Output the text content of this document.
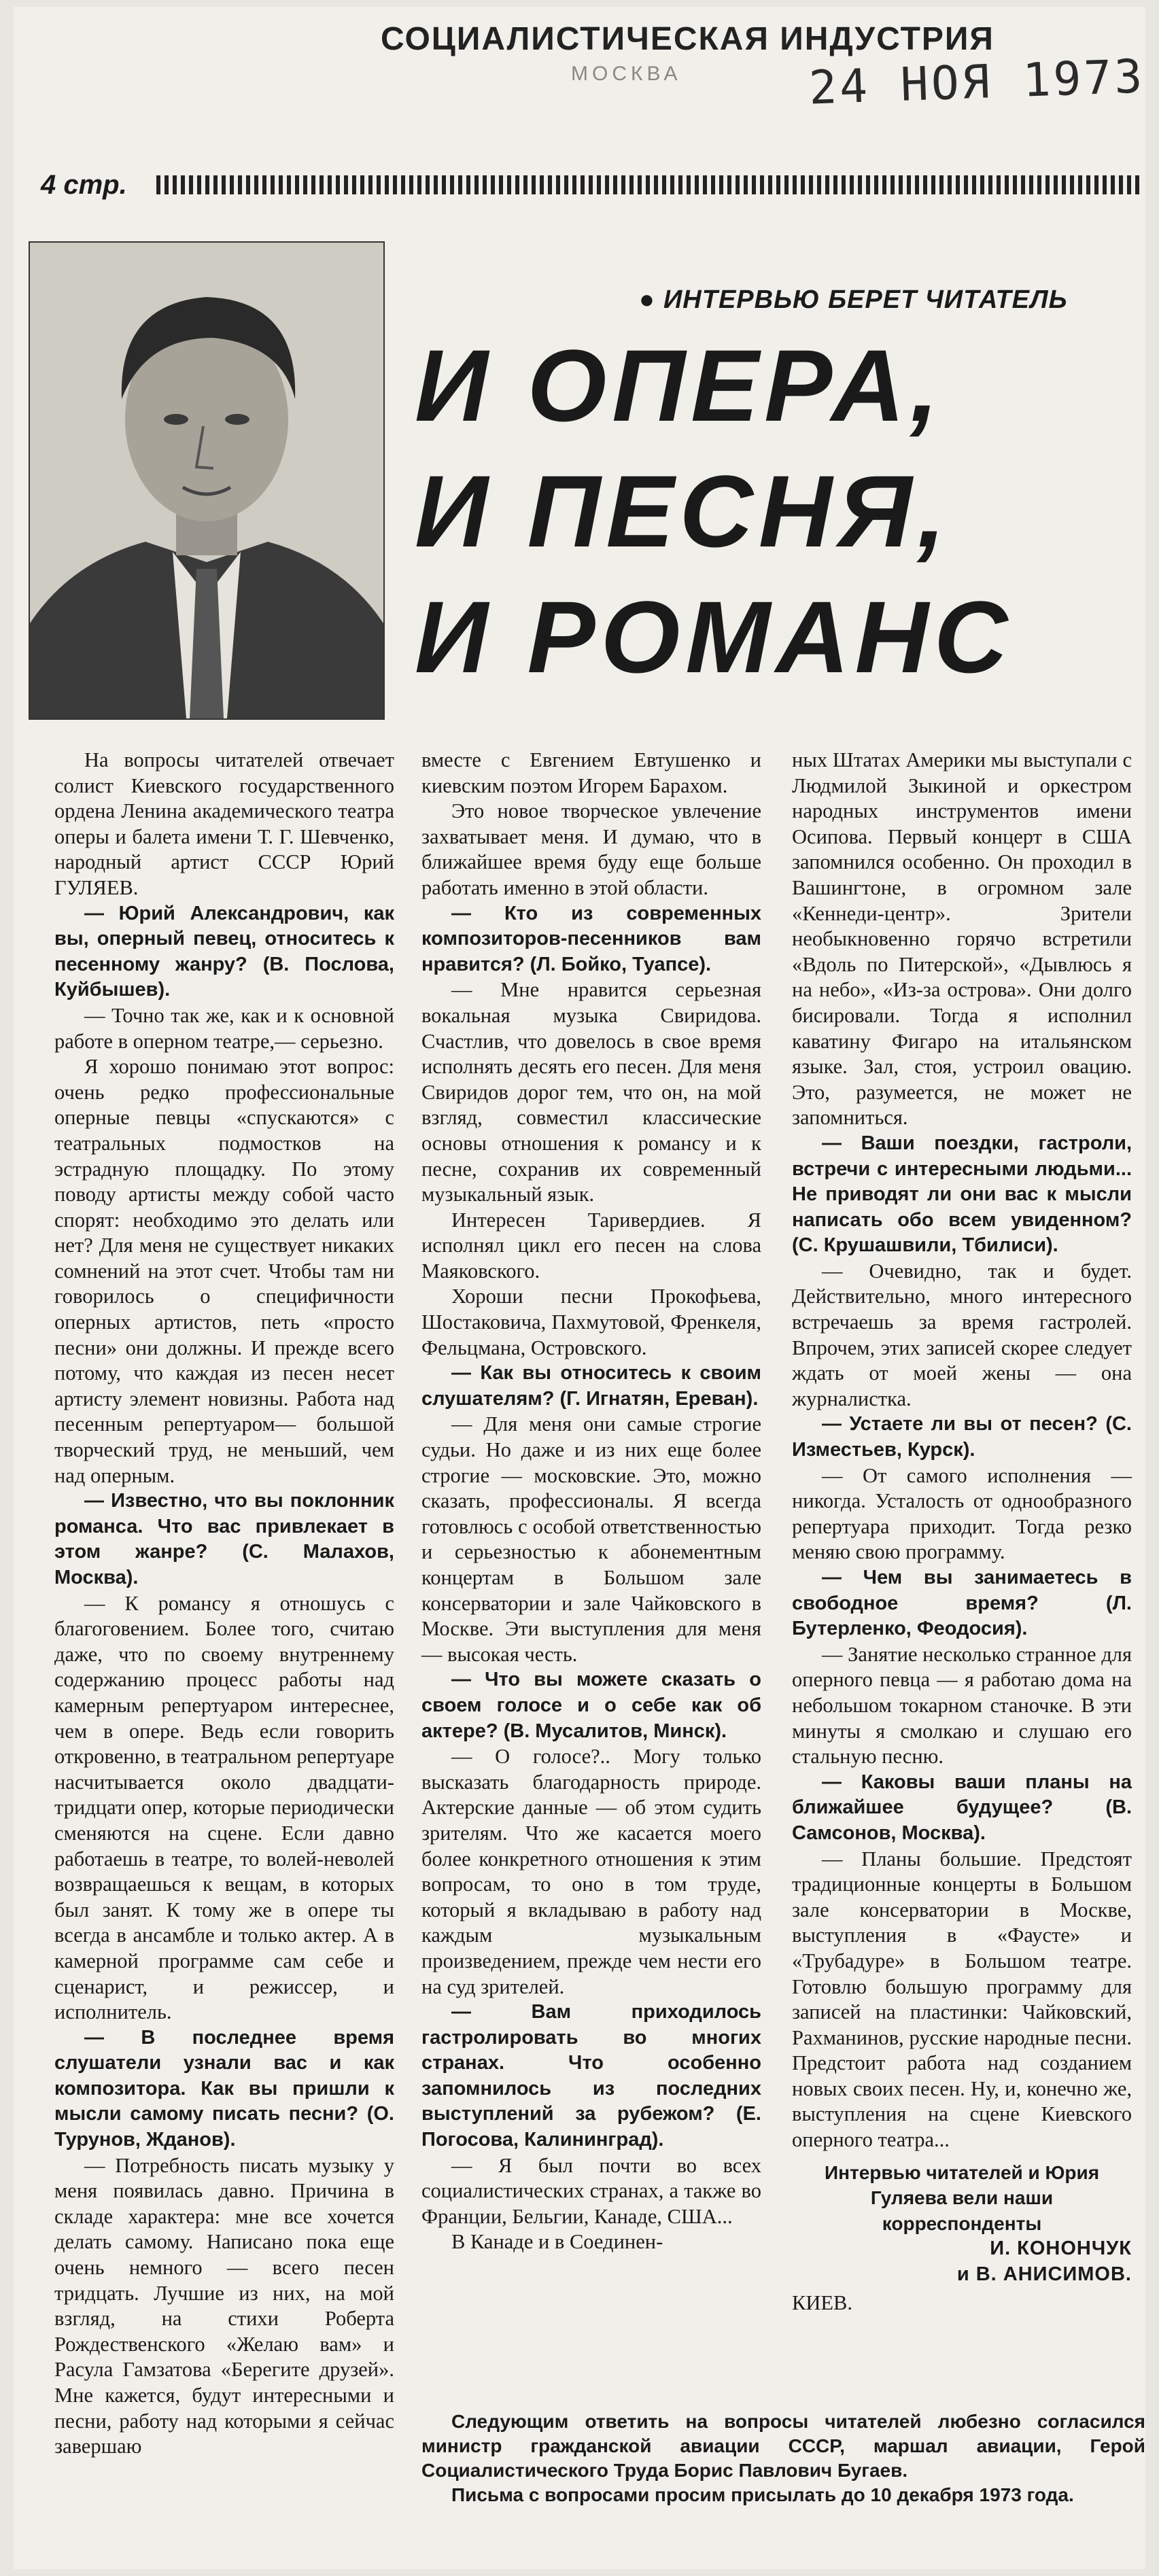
СОЦИАЛИСТИЧЕСКАЯ ИНДУСТРИЯ
МОСКВА	24 НОЯ 1973
4 стр.
● ИНТЕРВЬЮ БЕРЕТ ЧИТАТЕЛЬ
И ОПЕРА,
И ПЕСНЯ,
И РОМАНС

На вопросы читателей отвечает солист Киевского государственного ордена Ленина академического театра оперы и балета имени Т. Г. Шевченко, народный артист СССР Юрий ГУЛЯЕВ.

— Юрий Александрович, как вы, оперный певец, относитесь к песенному жанру? (В. Послова, Куйбышев).

— Точно так же, как и к основной работе в оперном театре,— серьезно.

Я хорошо понимаю этот вопрос: очень редко профессиональные оперные певцы «спускаются» с театральных подмостков на эстрадную площадку. По этому поводу артисты между собой часто спорят: необходимо это делать или нет? Для меня не существует никаких сомнений на этот счет. Чтобы там ни говорилось о специфичности оперных артистов, петь «просто песни» они должны. И прежде всего потому, что каждая из песен несет артисту элемент новизны. Работа над песенным репертуаром— большой творческий труд, не меньший, чем над оперным.

— Известно, что вы поклонник романса. Что вас привлекает в этом жанре? (С. Малахов, Москва).

— К романсу я отношусь с благоговением. Более того, считаю даже, что по своему внутреннему содержанию процесс работы над камерным репертуаром интереснее, чем в опере. Ведь если говорить откровенно, в театральном репертуаре насчитывается около двадцати-тридцати опер, которые периодически сменяются на сцене. Если давно работаешь в театре, то волей-неволей возвращаешься к вещам, в которых был занят. К тому же в опере ты всегда в ансамбле и только актер. А в камерной программе сам себе и сценарист, и режиссер, и исполнитель.

— В последнее время слушатели узнали вас и как композитора. Как вы пришли к мысли самому писать песни? (О. Турунов, Жданов).

— Потребность писать музыку у меня появилась давно. Причина в складе характера: мне все хочется делать самому. Написано пока еще очень немного — всего песен тридцать. Лучшие из них, на мой взгляд, на стихи Роберта Рождественского «Желаю вам» и Расула Гамзатова «Берегите друзей». Мне кажется, будут интересными и песни, работу над которыми я сейчас завершаю

вместе с Евгением Евтушенко и киевским поэтом Игорем Барахом.

Это новое творческое увлечение захватывает меня. И думаю, что в ближайшее время буду еще больше работать именно в этой области.

— Кто из современных композиторов-песенников вам нравится? (Л. Бойко, Туапсе).

— Мне нравится серьезная вокальная музыка Свиридова. Счастлив, что довелось в свое время исполнять десять его песен. Для меня Свиридов дорог тем, что он, на мой взгляд, совместил классические основы отношения к романсу и к песне, сохранив их современный музыкальный язык.

Интересен Таривердиев. Я исполнял цикл его песен на слова Маяковского.

Хороши песни Прокофьева, Шостаковича, Пахмутовой, Френкеля, Фельцмана, Островского.

— Как вы относитесь к своим слушателям? (Г. Игнатян, Ереван).

— Для меня они самые строгие судьи. Но даже и из них еще более строгие — московские. Это, можно сказать, профессионалы. Я всегда готовлюсь с особой ответственностью и серьезностью к абонементным концертам в Большом зале консерватории и зале Чайковского в Москве. Эти выступления для меня — высокая честь.

— Что вы можете сказать о своем голосе и о себе как об актере? (В. Мусалитов, Минск).

— О голосе?.. Могу только высказать благодарность природе. Актерские данные — об этом судить зрителям. Что же касается моего более конкретного отношения к этим вопросам, то оно в том труде, который я вкладываю в работу над каждым музыкальным произведением, прежде чем нести его на суд зрителей.

— Вам приходилось гастролировать во многих странах. Что особенно запомнилось из последних выступлений за рубежом? (Е. Погосова, Калининград).

— Я был почти во всех социалистических странах, а также во Франции, Бельгии, Канаде, США...

В Канаде и в Соединен-

ных Штатах Америки мы выступали с Людмилой Зыкиной и оркестром народных инструментов имени Осипова. Первый концерт в США запомнился особенно. Он проходил в Вашингтоне, в огромном зале «Кеннеди-центр». Зрители необыкновенно горячо встретили «Вдоль по Питерской», «Дывлюсь я на небо», «Из-за острова». Они долго бисировали. Тогда я исполнил каватину Фигаро на итальянском языке. Зал, стоя, устроил овацию. Это, разумеется, не может не запомниться.

— Ваши поездки, гастроли, встречи с интересными людьми... Не приводят ли они вас к мысли написать обо всем увиденном? (С. Крушашвили, Тбилиси).

— Очевидно, так и будет. Действительно, много интересного встречаешь за время гастролей. Впрочем, этих записей скорее следует ждать от моей жены — она журналистка.

— Устаете ли вы от песен? (С. Изместьев, Курск).

— От самого исполнения — никогда. Усталость от однообразного репертуара приходит. Тогда резко меняю свою программу.

— Чем вы занимаетесь в свободное время? (Л. Бутерленко, Феодосия).

— Занятие несколько странное для оперного певца — я работаю дома на небольшом токарном станочке. В эти минуты я смолкаю и слушаю его стальную песню.

— Каковы ваши планы на ближайшее будущее? (В. Самсонов, Москва).

— Планы большие. Предстоят традиционные концерты в Большом зале консерватории в Москве, выступления в «Фаусте» и «Трубадуре» в Большом театре. Готовлю большую программу для записей на пластинки: Чайковский, Рахманинов, русские народные песни. Предстоит работа над созданием новых своих песен. Ну, и, конечно же, выступления на сцене Киевского оперного театра...

Интервью читателей и Юрия Гуляева вели наши корреспонденты
И. КОНОНЧУК
и В. АНИСИМОВ.
КИЕВ.

Следующим ответить на вопросы читателей любезно согласился министр гражданской авиации СССР, маршал авиации, Герой Социалистического Труда Борис Павлович Бугаев.

Письма с вопросами просим присылать до 10 декабря 1973 года.
